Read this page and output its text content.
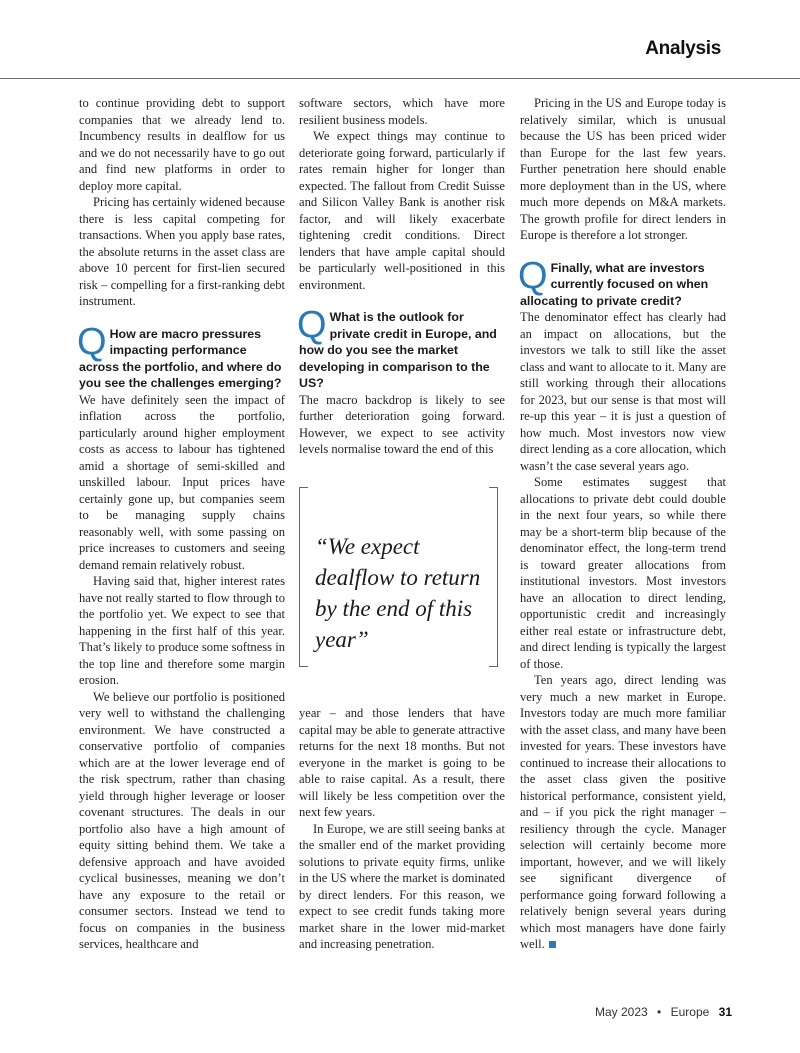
Analysis

to continue providing debt to support companies that we already lend to. Incumbency results in dealflow for us and we do not necessarily have to go out and find new platforms in order to deploy more capital.

Pricing has certainly widened because there is less capital competing for transactions. When you apply base rates, the absolute returns in the asset class are above 10 percent for first-lien secured risk – compelling for a first-ranking debt instrument.

Q How are macro pressures impacting performance across the portfolio, and where do you see the challenges emerging?

We have definitely seen the impact of inflation across the portfolio, particularly around higher employment costs as access to labour has tightened amid a shortage of semi-skilled and unskilled labour. Input prices have certainly gone up, but companies seem to be managing supply chains reasonably well, with some passing on price increases to customers and seeing demand remain relatively robust.

Having said that, higher interest rates have not really started to flow through to the portfolio yet. We expect to see that happening in the first half of this year. That’s likely to produce some softness in the top line and therefore some margin erosion.

We believe our portfolio is positioned very well to withstand the challenging environment. We have constructed a conservative portfolio of companies which are at the lower leverage end of the risk spectrum, rather than chasing yield through higher leverage or looser covenant structures. The deals in our portfolio also have a high amount of equity sitting behind them. We take a defensive approach and have avoided cyclical businesses, meaning we don’t have any exposure to the retail or consumer sectors. Instead we tend to focus on companies in the business services, healthcare and

software sectors, which have more resilient business models.

We expect things may continue to deteriorate going forward, particularly if rates remain higher for longer than expected. The fallout from Credit Suisse and Silicon Valley Bank is another risk factor, and will likely exacerbate tightening credit conditions. Direct lenders that have ample capital should be particularly well-positioned in this environment.

Q What is the outlook for private credit in Europe, and how do you see the market developing in comparison to the US?

The macro backdrop is likely to see further deterioration going forward. However, we expect to see activity levels normalise toward the end of this

“We expect dealflow to return by the end of this year”

year – and those lenders that have capital may be able to generate attractive returns for the next 18 months. But not everyone in the market is going to be able to raise capital. As a result, there will likely be less competition over the next few years.

In Europe, we are still seeing banks at the smaller end of the market providing solutions to private equity firms, unlike in the US where the market is dominated by direct lenders. For this reason, we expect to see credit funds taking more market share in the lower mid-market and increasing penetration.

Pricing in the US and Europe today is relatively similar, which is unusual because the US has been priced wider than Europe for the last few years. Further penetration here should enable more deployment than in the US, where much more depends on M&A markets. The growth profile for direct lenders in Europe is therefore a lot stronger.

Q Finally, what are investors currently focused on when allocating to private credit?

The denominator effect has clearly had an impact on allocations, but the investors we talk to still like the asset class and want to allocate to it. Many are still working through their allocations for 2023, but our sense is that most will re-up this year – it is just a question of how much. Most investors now view direct lending as a core allocation, which wasn’t the case several years ago.

Some estimates suggest that allocations to private debt could double in the next four years, so while there may be a short-term blip because of the denominator effect, the long-term trend is toward greater allocations from institutional investors. Most investors have an allocation to direct lending, opportunistic credit and increasingly either real estate or infrastructure debt, and direct lending is typically the largest of those.

Ten years ago, direct lending was very much a new market in Europe. Investors today are much more familiar with the asset class, and many have been invested for years. These investors have continued to increase their allocations to the asset class given the positive historical performance, consistent yield, and – if you pick the right manager – resiliency through the cycle. Manager selection will certainly become more important, however, and we will likely see significant divergence of performance going forward following a relatively benign several years during which most managers have done fairly well.

May 2023 • Europe 31
